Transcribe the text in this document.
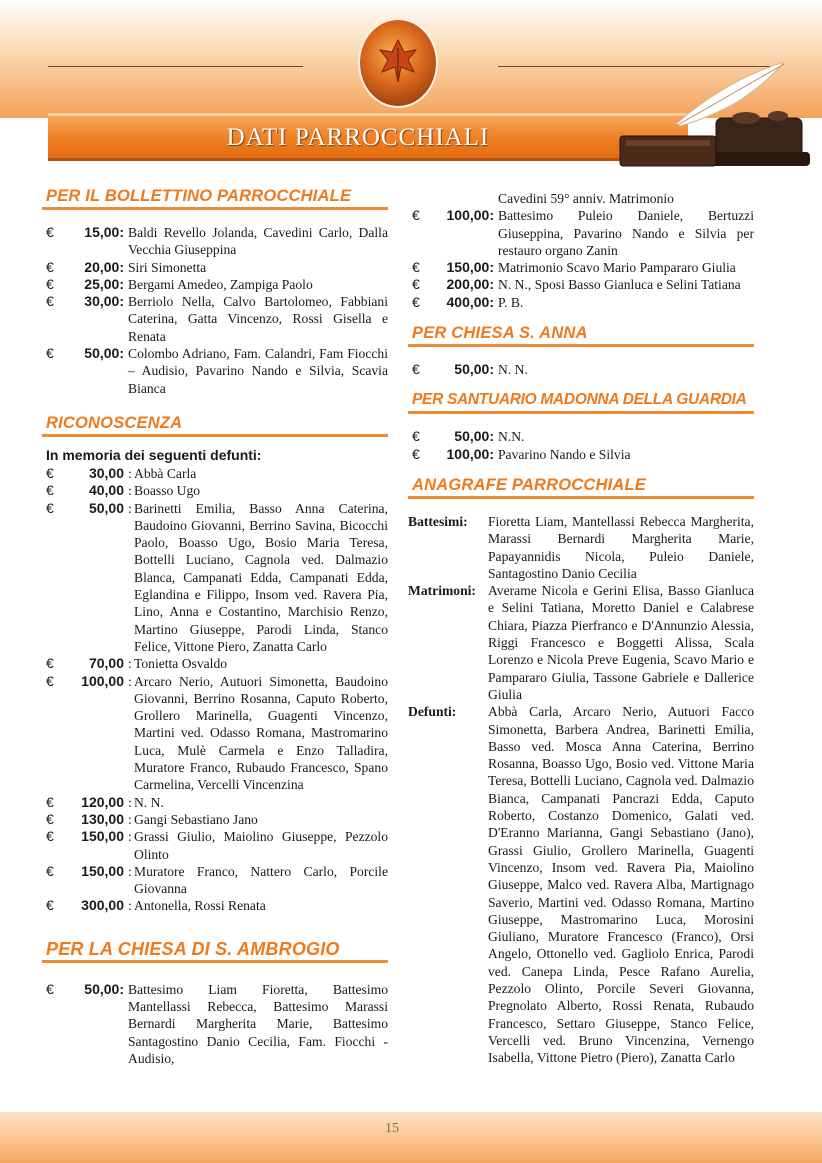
DATI PARROCCHIALI
PER IL BOLLETTINO PARROCCHIALE
€	15,00: Baldi Revello Jolanda, Cavedini Carlo, Dalla Vecchia Giuseppina
€	20,00: Siri Simonetta
€	25,00: Bergami Amedeo, Zampiga Paolo
€	30,00: Berriolo Nella, Calvo Bartolomeo, Fabbiani Caterina, Gatta Vincenzo, Rossi Gisella e Renata
€	50,00: Colombo Adriano, Fam. Calandri, Fam Fiocchi – Audisio, Pavarino Nando e Silvia, Scavia Bianca
RICONOSCENZA
In memoria dei seguenti defunti:
€	30,00 : Abbà Carla
€	40,00 : Boasso Ugo
€	50,00 : Barinetti Emilia, Basso Anna Caterina, Baudoino Giovanni, Berrino Savina, Bicocchi Paolo, Boasso Ugo, Bosio Maria Teresa, Bottelli Luciano, Cagnola ved. Dalmazio Blanca, Campanati Edda, Campanati Edda, Eglandina e Filippo, Insom ved. Ravera Pia, Lino, Anna e Costantino, Marchisio Renzo, Martino Giuseppe, Parodi Linda, Stanco Felice, Vittone Piero, Zanatta Carlo
€	70,00 : Tonietta Osvaldo
€	100,00 : Arcaro Nerio, Autuori Simonetta, Baudoino Giovanni, Berrino Rosanna, Caputo Roberto, Grollero Marinella, Guagenti Vincenzo, Martini ved. Odasso Romana, Mastromarino Luca, Mulè Carmela e Enzo Talladira, Muratore Franco, Rubaudo Francesco, Spano Carmelina, Vercelli Vincenzina
€	120,00 : N. N.
€	130,00 : Gangi Sebastiano Jano
€	150,00 : Grassi Giulio, Maiolino Giuseppe, Pezzolo Olinto
€	150,00 : Muratore Franco, Nattero Carlo, Porcile Giovanna
€	300,00 : Antonella, Rossi Renata
PER LA CHIESA DI S. AMBROGIO
€	50,00: Battesimo Liam Fioretta, Battesimo Mantellassi Rebecca, Battesimo Marassi Bernardi Margherita Marie, Battesimo Santagostino Danio Cecilia, Fam. Fiocchi - Audisio,
Cavedini 59° anniv. Matrimonio
€	100,00: Battesimo Puleio Daniele, Bertuzzi Giuseppina, Pavarino Nando e Silvia per restauro organo Zanin
€	150,00: Matrimonio Scavo Mario Pampararo Giulia
€	200,00: N. N., Sposi Basso Gianluca e Selini Tatiana
€	400,00: P. B.
PER CHIESA S. ANNA
€	50,00: N. N.
PER SANTUARIO MADONNA DELLA GUARDIA
€	50,00: N.N.
€	100,00: Pavarino Nando e Silvia
ANAGRAFE PARROCCHIALE
Battesimi:	Fioretta Liam, Mantellassi Rebecca Margherita, Marassi Bernardi Margherita Marie, Papayannidis Nicola, Puleio Daniele, Santagostino Danio Cecilia
Matrimoni: Averame Nicola e Gerini Elisa, Basso Gianluca e Selini Tatiana, Moretto Daniel e Calabrese Chiara, Piazza Pierfranco e D'Annunzio Alessia, Riggi Francesco e Boggetti Alissa, Scala Lorenzo e Nicola Preve Eugenia, Scavo Mario e Pampararo Giulia, Tassone Gabriele e Dallerice Giulia
Defunti:	Abbà Carla, Arcaro Nerio, Autuori Facco Simonetta, Barbera Andrea, Barinetti Emilia, Basso ved. Mosca Anna Caterina, Berrino Rosanna, Boasso Ugo, Bosio ved. Vittone Maria Teresa, Bottelli Luciano, Cagnola ved. Dalmazio Bianca, Campanati Pancrazi Edda, Caputo Roberto, Costanzo Domenico, Galati ved. D'Eranno Marianna, Gangi Sebastiano (Jano), Grassi Giulio, Grollero Marinella, Guagenti Vincenzo, Insom ved. Ravera Pia, Maiolino Giuseppe, Malco ved. Ravera Alba, Martignago Saverio, Martini ved. Odasso Romana, Martino Giuseppe, Mastromarino Luca, Morosini Giuliano, Muratore Francesco (Franco), Orsi Angelo, Ottonello ved. Gagliolo Enrica, Parodi ved. Canepa Linda, Pesce Rafano Aurelia, Pezzolo Olinto, Porcile Severi Giovanna, Pregnolato Alberto, Rossi Renata, Rubaudo Francesco, Settaro Giuseppe, Stanco Felice, Vercelli ved. Bruno Vincenzina, Vernengo Isabella, Vittone Pietro (Piero), Zanatta Carlo
15
